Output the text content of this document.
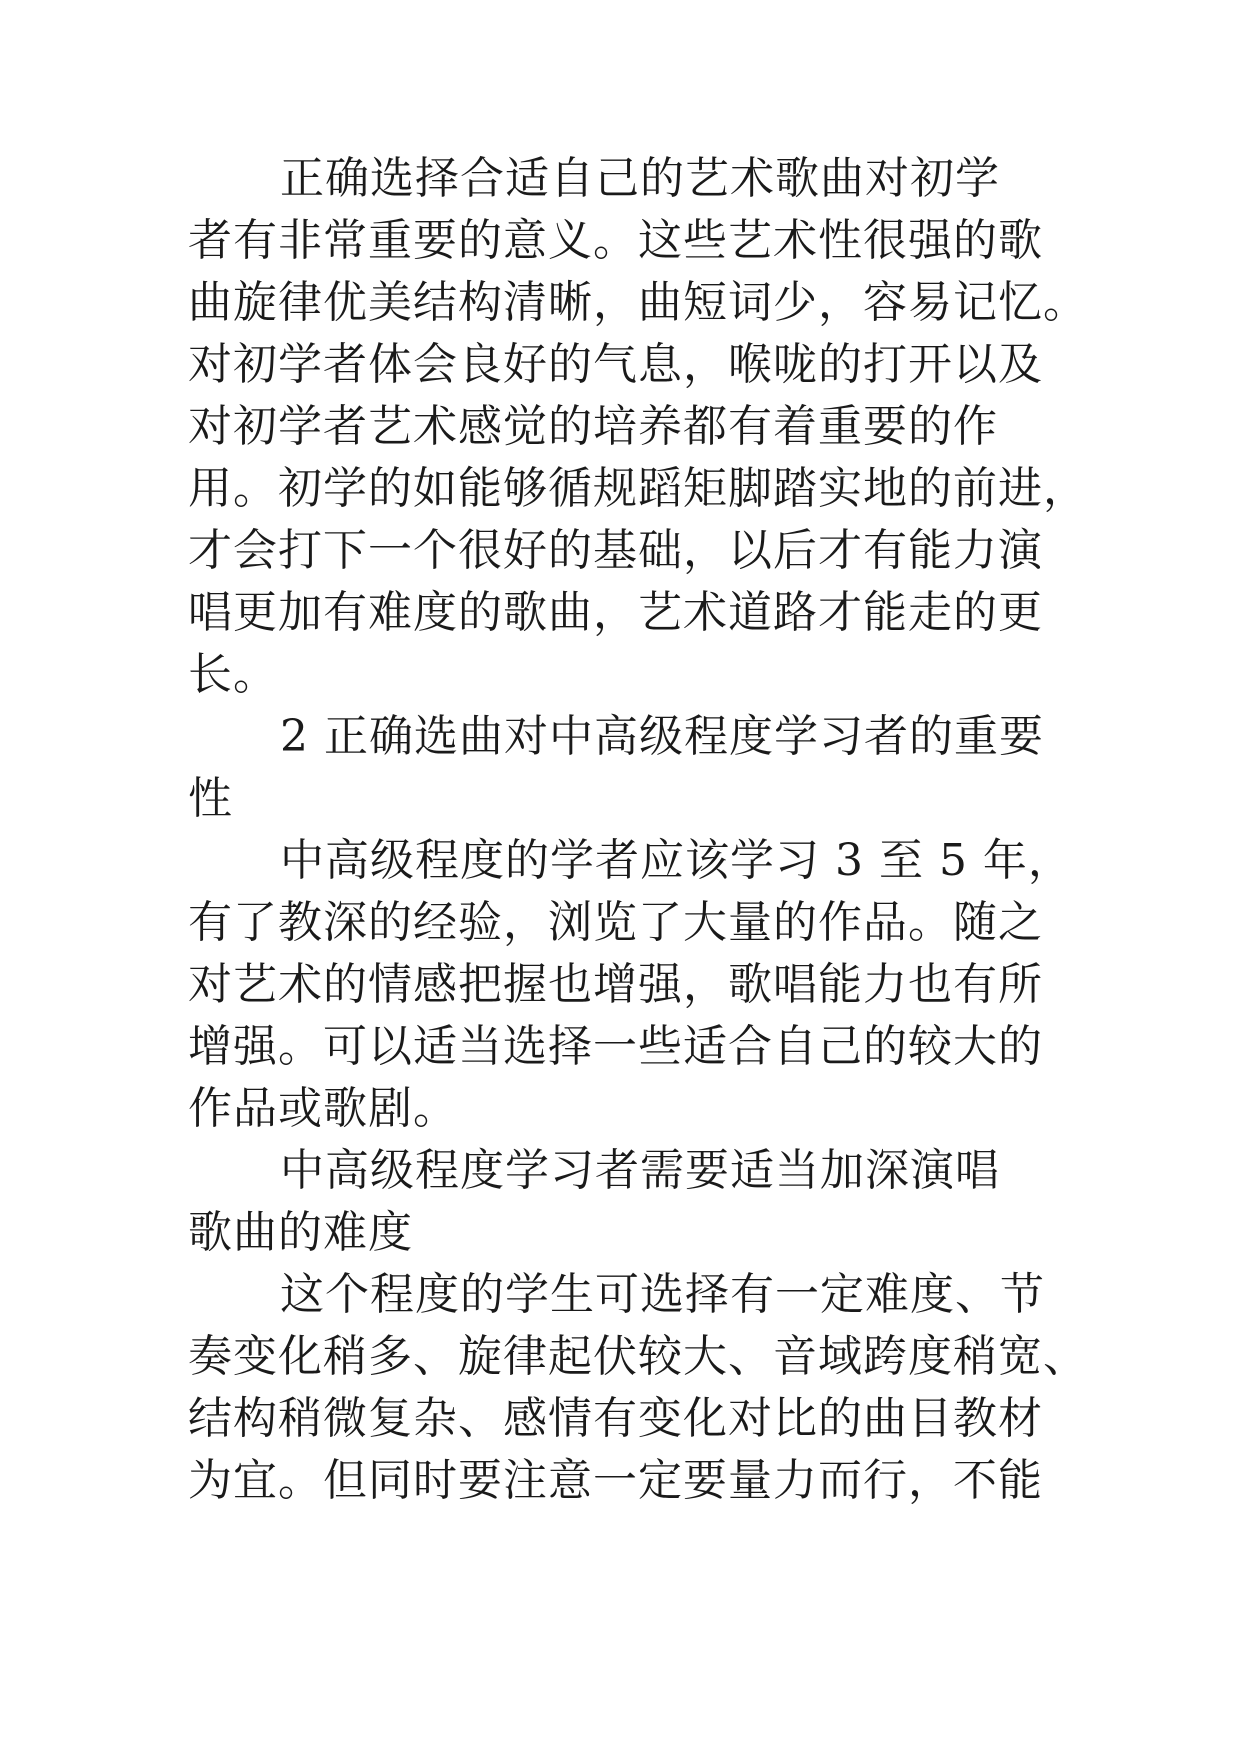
正确选择合适自己的艺术歌曲对初学
者有非常重要的意义。这些艺术性很强的歌
曲旋律优美结构清晰，曲短词少，容易记忆。
对初学者体会良好的气息，喉咙的打开以及
对初学者艺术感觉的培养都有着重要的作
用。初学的如能够循规蹈矩脚踏实地的前进，
才会打下一个很好的基础，以后才有能力演
唱更加有难度的歌曲，艺术道路才能走的更
长。
2 正确选曲对中高级程度学习者的重要
性
中高级程度的学者应该学习 3 至 5 年，
有了教深的经验，浏览了大量的作品。随之
对艺术的情感把握也增强，歌唱能力也有所
增强。可以适当选择一些适合自己的较大的
作品或歌剧。
中高级程度学习者需要适当加深演唱
歌曲的难度
这个程度的学生可选择有一定难度、节
奏变化稍多、旋律起伏较大、音域跨度稍宽、
结构稍微复杂、感情有变化对比的曲目教材
为宜。但同时要注意一定要量力而行，不能
